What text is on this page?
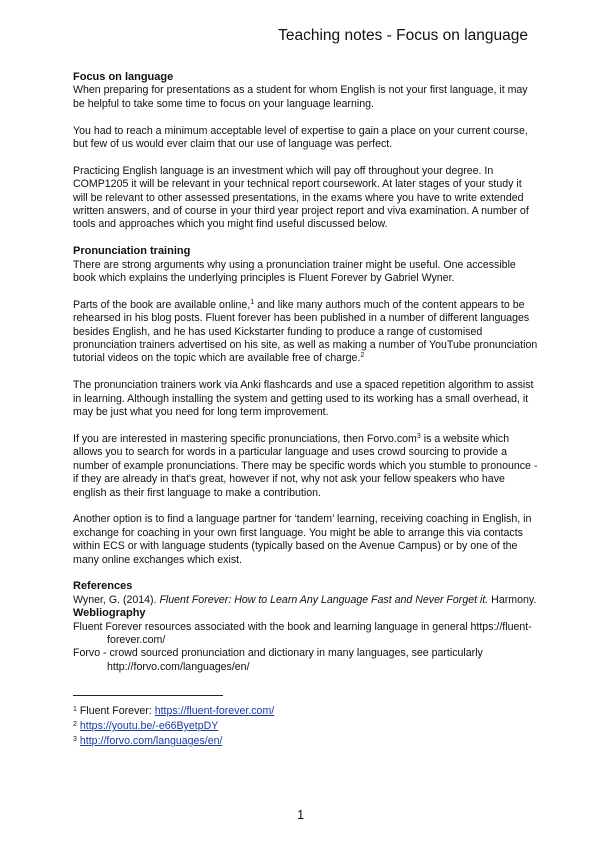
Teaching notes - Focus on language
Focus on language

When preparing for presentations as a student for whom English is not your first language, it may be helpful to take some time to focus on your language learning.

You had to reach a minimum acceptable level of expertise to gain a place on your current course, but few of us would ever claim that our use of language was perfect.

Practicing English language is an investment which will pay off throughout your degree. In COMP1205 it will be relevant in your technical report coursework. At later stages of your study it will be relevant to other assessed presentations, in the exams where you have to write extended written answers, and of course in your third year project report and viva examination. A number of tools and approaches which you might find useful discussed below.

Pronunciation training

There are strong arguments why using a pronunciation trainer might be useful. One accessible book which explains the underlying principles is Fluent Forever by Gabriel Wyner.

Parts of the book are available online,$^1$ and like many authors much of the content appears to be rehearsed in his blog posts. Fluent forever has been published in a number of different languages besides English, and he has used Kickstarter funding to produce a range of customised pronunciation trainers advertised on his site, as well as making a number of YouTube pronunciation tutorial videos on the topic which are available free of charge.$^2$

The pronunciation trainers work via Anki flashcards and use a spaced repetition algorithm to assist in learning. Although installing the system and getting used to its working has a small overhead, it may be just what you need for long term improvement.

If you are interested in mastering specific pronunciations, then Forvo.com$^3$ is a website which allows you to search for words in a particular language and uses crowd sourcing to provide a number of example pronunciations. There may be specific words which you stumble to pronounce - if they are already in that's great, however if not, why not ask your fellow speakers who have english as their first language to make a contribution.

Another option is to find a language partner for ‘tandem’ learning, receiving coaching in English, in exchange for coaching in your own first language. You might be able to arrange this via contacts within ECS or with language students (typically based on the Avenue Campus) or by one of the many online exchanges which exist.

References
Wyner, G. (2014). Fluent Forever: How to Learn Any Language Fast and Never Forget it. Harmony.
Webliography
Fluent Forever resources associated with the book and learning language in general https://fluent-forever.com/
Forvo - crowd sourced pronunciation and dictionary in many languages, see particularly http://forvo.com/languages/en/
$^1$ Fluent Forever: https://fluent-forever.com/
$^2$ https://youtu.be/-e66ByetpDY
$^3$ http://forvo.com/languages/en/
1
